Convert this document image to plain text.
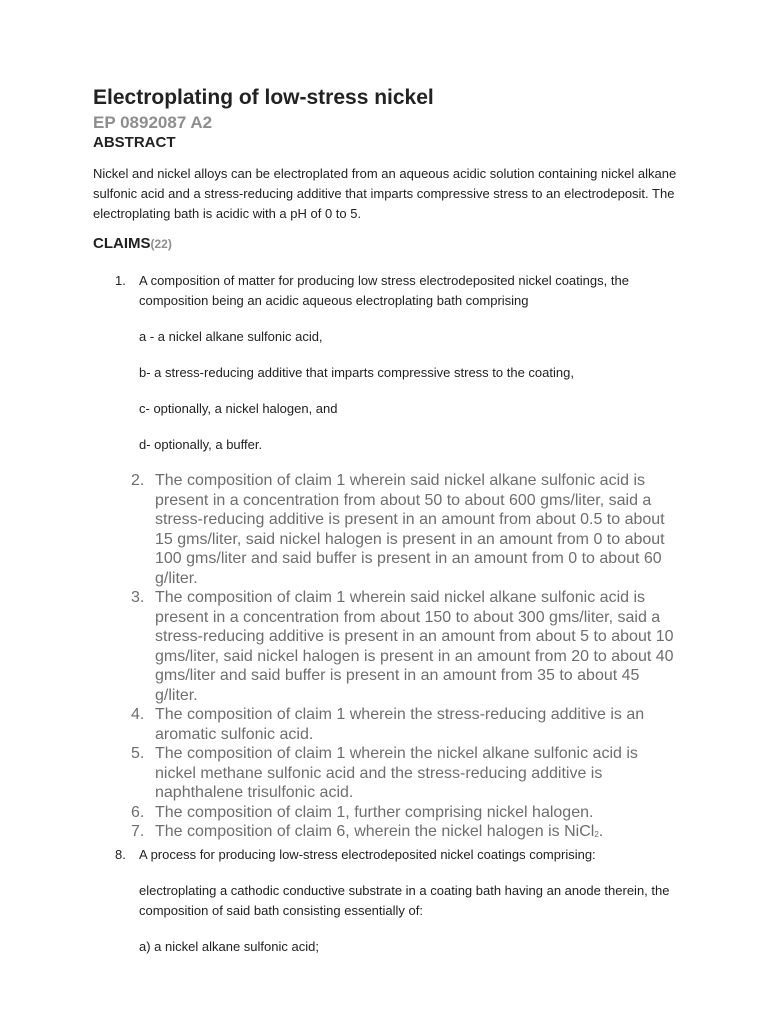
Electroplating of low-stress nickel
EP 0892087 A2
ABSTRACT

Nickel and nickel alloys can be electroplated from an aqueous acidic solution containing nickel alkane sulfonic acid and a stress-reducing additive that imparts compressive stress to an electrodeposit. The electroplating bath is acidic with a pH of 0 to 5.

CLAIMS(22)
1. A composition of matter for producing low stress electrodeposited nickel coatings, the composition being an acidic aqueous electroplating bath comprising

a - a nickel alkane sulfonic acid,

b- a stress-reducing additive that imparts compressive stress to the coating,

c- optionally, a nickel halogen, and

d- optionally, a buffer.

2. The composition of claim 1 wherein said nickel alkane sulfonic acid is present in a concentration from about 50 to about 600 gms/liter, said a stress-reducing additive is present in an amount from about 0.5 to about 15 gms/liter, said nickel halogen is present in an amount from 0 to about 100 gms/liter and said buffer is present in an amount from 0 to about 60 g/liter.
3. The composition of claim 1 wherein said nickel alkane sulfonic acid is present in a concentration from about 150 to about 300 gms/liter, said a stress-reducing additive is present in an amount from about 5 to about 10 gms/liter, said nickel halogen is present in an amount from 20 to about 40 gms/liter and said buffer is present in an amount from 35 to about 45 g/liter.
4. The composition of claim 1 wherein the stress-reducing additive is an aromatic sulfonic acid.
5. The composition of claim 1 wherein the nickel alkane sulfonic acid is nickel methane sulfonic acid and the stress-reducing additive is naphthalene trisulfonic acid.
6. The composition of claim 1, further comprising nickel halogen.
7. The composition of claim 6, wherein the nickel halogen is NiCl$_2$.
8. A process for producing low-stress electrodeposited nickel coatings comprising:

electroplating a cathodic conductive substrate in a coating bath having an anode therein, the composition of said bath consisting essentially of:

a) a nickel alkane sulfonic acid;
